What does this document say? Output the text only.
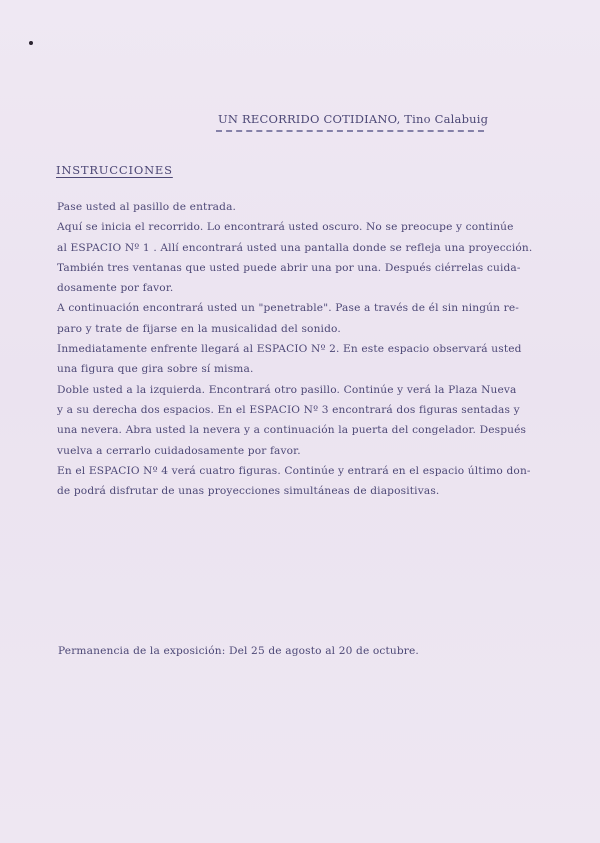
UN RECORRIDO COTIDIANO, Tino Calabuig
INSTRUCCIONES
Pase usted al pasillo de entrada.
Aquí se inicia el recorrido. Lo encontrará usted oscuro. No se preocupe y continúe
al ESPACIO Nº 1 . Allí encontrará usted una pantalla donde se refleja una proyección.
También tres ventanas que usted puede abrir una por una. Después ciérrelas cuida-
dosamente por favor.
A continuación encontrará usted un "penetrable". Pase a través de él sin ningún re-
paro y trate de fijarse en la musicalidad del sonido.
Inmediatamente enfrente llegará al ESPACIO Nº 2. En este espacio observará usted
una figura que gira sobre sí misma.
Doble usted a la izquierda. Encontrará otro pasillo. Continúe y verá la Plaza Nueva
y a su derecha dos espacios. En el ESPACIO Nº 3 encontrará dos figuras sentadas y
una nevera. Abra usted la nevera y a continuación la puerta del congelador. Después
vuelva a cerrarlo cuidadosamente por favor.
En el ESPACIO Nº 4 verá cuatro figuras. Continúe y entrará en el espacio último don-
de podrá disfrutar de unas proyecciones simultáneas de diapositivas.
Permanencia de la exposición: Del 25 de agosto al 20 de octubre.
